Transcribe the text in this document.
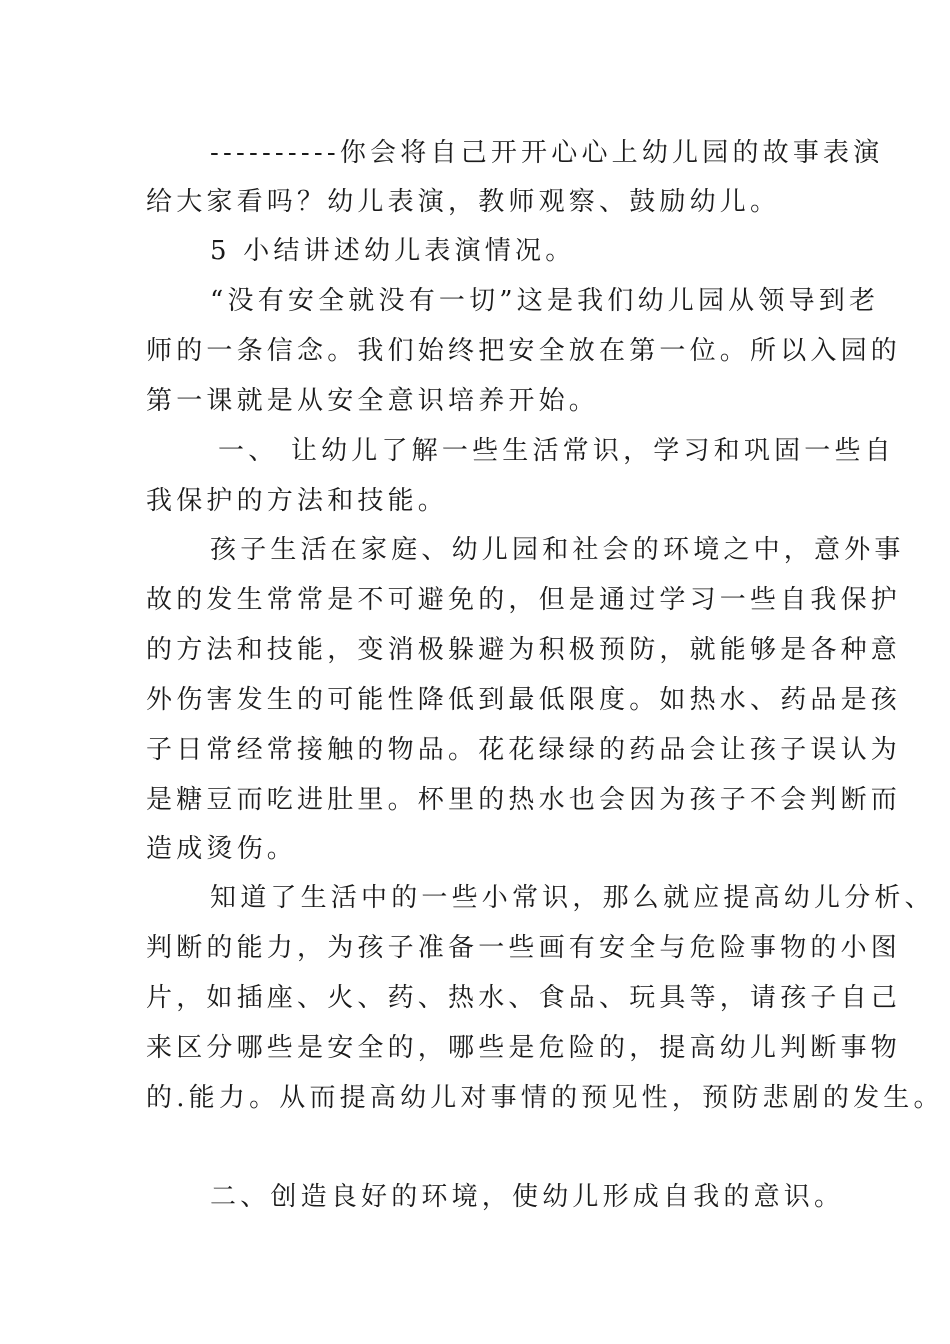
----------你会将自己开开心心上幼儿园的故事表演
给大家看吗？幼儿表演，教师观察、鼓励幼儿。
5 小结讲述幼儿表演情况。
“没有安全就没有一切”这是我们幼儿园从领导到老
师的一条信念。我们始终把安全放在第一位。所以入园的
第一课就是从安全意识培养开始。
一、 让幼儿了解一些生活常识，学习和巩固一些自
我保护的方法和技能。
孩子生活在家庭、幼儿园和社会的环境之中，意外事
故的发生常常是不可避免的，但是通过学习一些自我保护
的方法和技能，变消极躲避为积极预防，就能够是各种意
外伤害发生的可能性降低到最低限度。如热水、药品是孩
子日常经常接触的物品。花花绿绿的药品会让孩子误认为
是糖豆而吃进肚里。杯里的热水也会因为孩子不会判断而
造成烫伤。
知道了生活中的一些小常识，那么就应提高幼儿分析、
判断的能力，为孩子准备一些画有安全与危险事物的小图
片，如插座、火、药、热水、食品、玩具等，请孩子自己
来区分哪些是安全的，哪些是危险的，提高幼儿判断事物
的.能力。从而提高幼儿对事情的预见性，预防悲剧的发生。
二、创造良好的环境，使幼儿形成自我的意识。
